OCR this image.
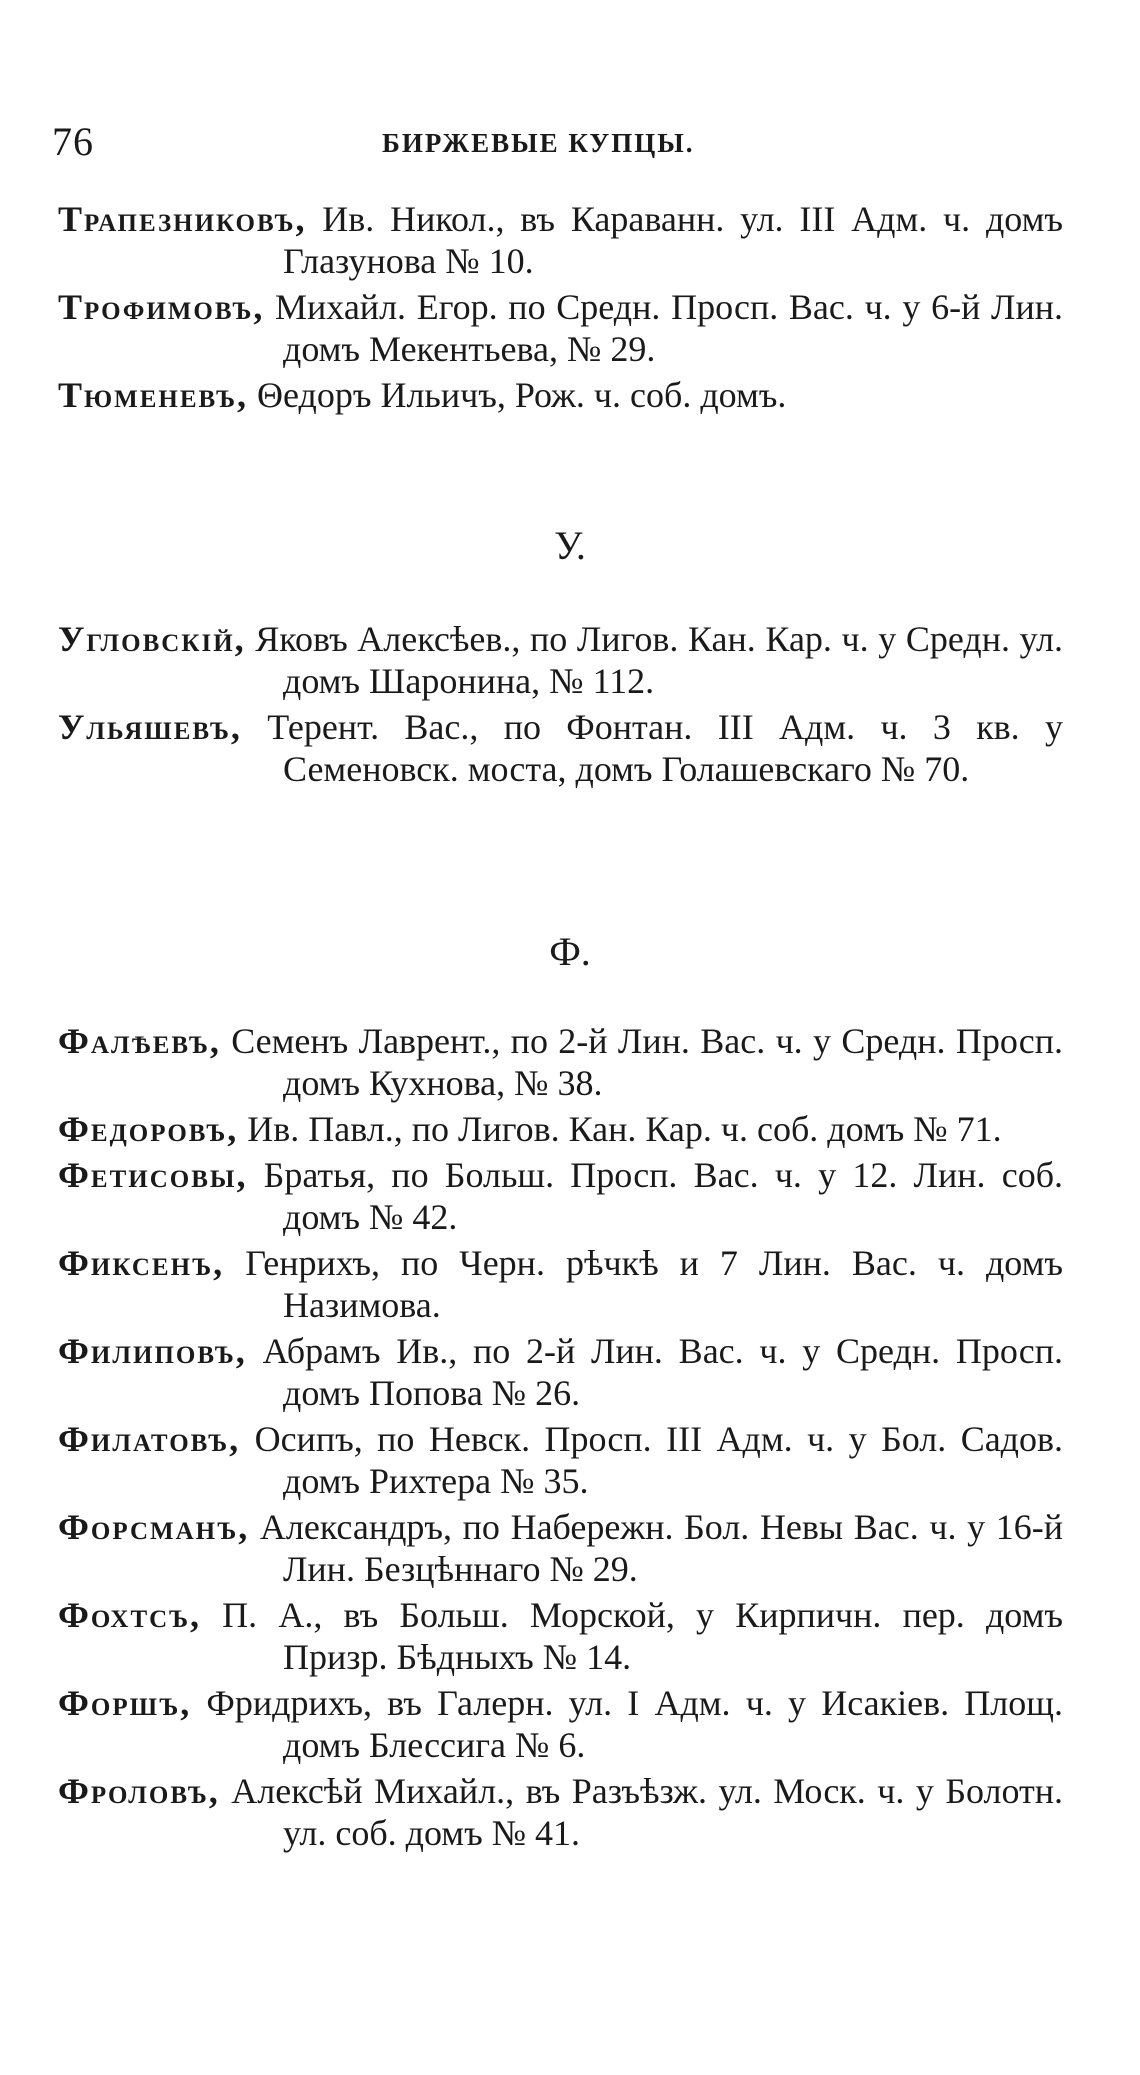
76	БИРЖЕВЫЕ КУПЦЫ.

Трапезниковъ, Ив. Никол., въ Караванн. ул. III Адм. ч. домъ Глазунова № 10.

Трофимовъ, Михайл. Егор. по Средн. Просп. Вас. ч. у 6-й Лин. домъ Мекентьева, № 29.

Тюменевъ, Θедоръ Ильичъ, Рож. ч. соб. домъ.

У.

Угловскій, Яковъ Алексѣев., по Лигов. Кан. Кар. ч. у Средн. ул. домъ Шаронина, № 112.

Ульяшевъ, Терент. Вас., по Фонтан. III Адм. ч. 3 кв. у Семеновск. моста, домъ Голашевскаго № 70.

Ф.

Фалѣевъ, Семенъ Лаврент., по 2-й Лин. Вас. ч. у Средн. Просп. домъ Кухнова, № 38.

Федоровъ, Ив. Павл., по Лигов. Кан. Кар. ч. соб. домъ № 71.

Фетисовы, Братья, по Больш. Просп. Вас. ч. у 12. Лин. соб. домъ № 42.

Фиксенъ, Генрихъ, по Черн. рѣчкѣ и 7 Лин. Вас. ч. домъ Назимова.

Филиповъ, Абрамъ Ив., по 2-й Лин. Вас. ч. у Средн. Просп. домъ Попова № 26.

Филатовъ, Осипъ, по Невск. Просп. III Адм. ч. у Бол. Садов. домъ Рихтера № 35.

Форсманъ, Александръ, по Набережн. Бол. Невы Вас. ч. у 16-й Лин. Безцѣннаго № 29.

Фохтсъ, П. А., въ Больш. Морской, у Кирпичн. пер. домъ Призр. Бѣдныхъ № 14.

Форшъ, Фридрихъ, въ Галерн. ул. I Адм. ч. у Исакіев. Площ. домъ Блессига № 6.

Фроловъ, Алексѣй Михайл., въ Разъѣзж. ул. Моск. ч. у Болотн. ул. соб. домъ № 41.
